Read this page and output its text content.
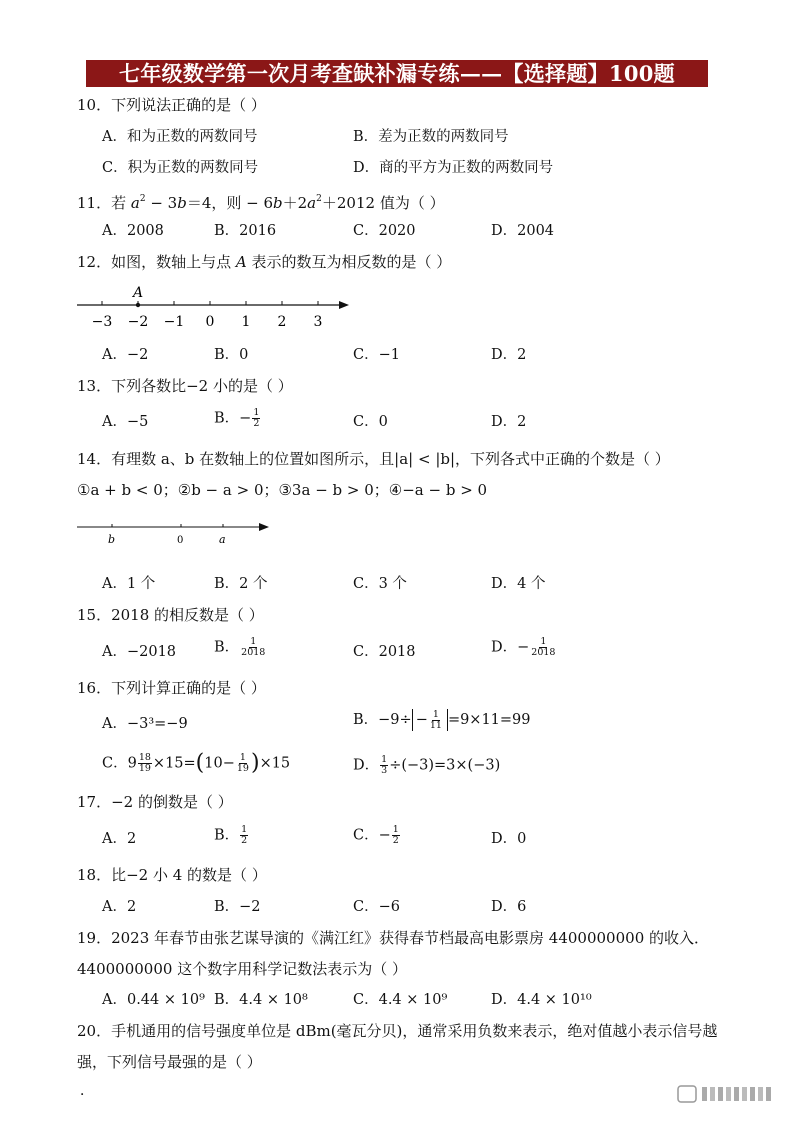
七年级数学第一次月考查缺补漏专练——【选择题】100题
10．下列说法正确的是（ ）
A．和为正数的两数同号	B．差为正数的两数同号
C．积为正数的两数同号	D．商的平方为正数的两数同号
11．若 $a^2 - 3b=4$，则 − $6b+2a^2+2012$ 值为（ ）
A．2008	B．2016	C．2020	D．2004
12．如图，数轴上与点 A 表示的数互为相反数的是（ ）
−3 −2 −1 0 1 2 3
A
A．−2	B．0	C．−1	D．2
13．下列各数比−2 小的是（ ）
A．−5	B．− $\frac{1}{2}$	C．0	D．2
14．有理数 a、b 在数轴上的位置如图所示，且|a| < |b|，下列各式中正确的个数是（ ）
①a + b < 0；②b − a > 0；③3a − b > 0；④−a − b > 0
b	0	a
A．1 个	B．2 个	C．3 个	D．4 个
15．2018 的相反数是（ ）
A．−2018	B． $\frac{1}{2018}$	C．2018	D．− $\frac{1}{2018}$
16．下列计算正确的是（ ）
A．−3³=−9	B．$-9\div - \frac{1}{11} =9\times 11=99$
C．$9 \frac{18}{19} \times 15=(10- \frac{1}{19} )\times 15$	D． $\frac{1}{3} \div(-3)=3\times(-3)$
17．−2 的倒数是（ ）
A．2	B． $\frac{1}{2}$	C．− $\frac{1}{2}$	D．0
18．比−2 小 4 的数是（ ）
A．2	B．−2	C．−6	D．6
19．2023 年春节由张艺谋导演的《满江红》获得春节档最高电影票房 4400000000 的收入．4400000000 这个数字用科学记数法表示为（ ）
A．0.44 × 10⁹ B．4.4 × 10⁸	C．4.4 × 10⁹	D．4.4 × 10¹⁰
20．手机通用的信号强度单位是 dBm(毫瓦分贝)，通常采用负数来表示，绝对值越小表示信号越强，下列信号最强的是（ ）
．
